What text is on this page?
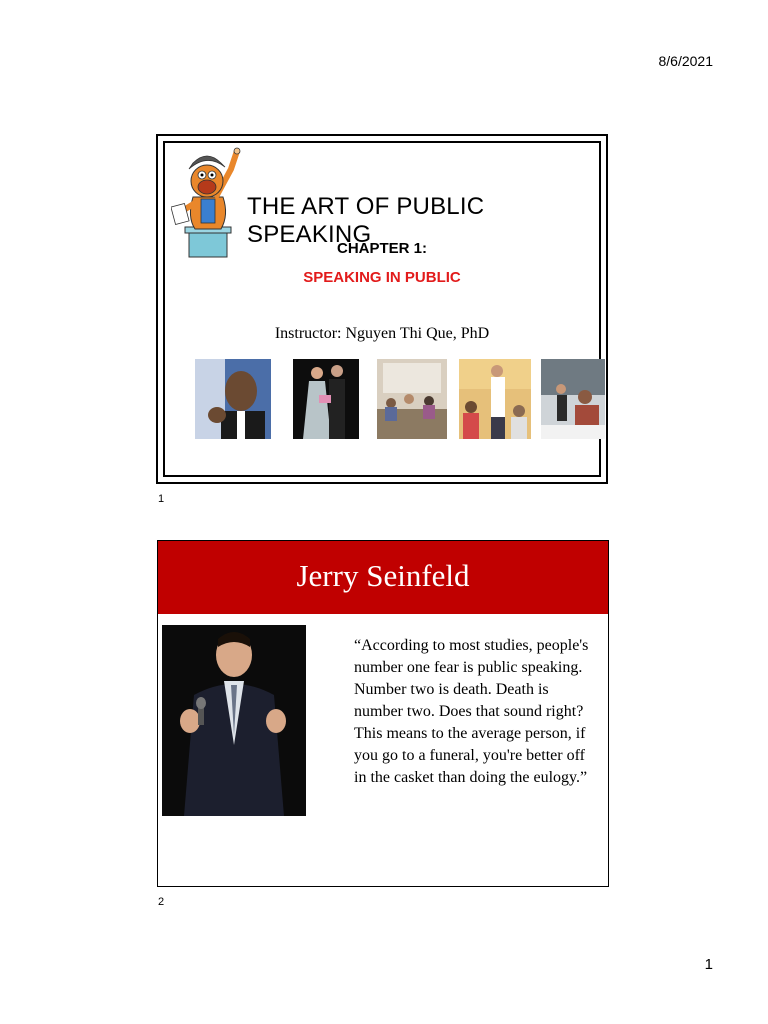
8/6/2021
THE ART OF PUBLIC SPEAKING
CHAPTER 1:
SPEAKING IN PUBLIC
Instructor: Nguyen Thi Que, PhD
1
Jerry Seinfeld
“According to most studies, people's number one fear is public speaking. Number two is death. Death is number two. Does that sound right? This means to the average person, if you go to a funeral, you're better off in the casket than doing the eulogy.”
2
1
